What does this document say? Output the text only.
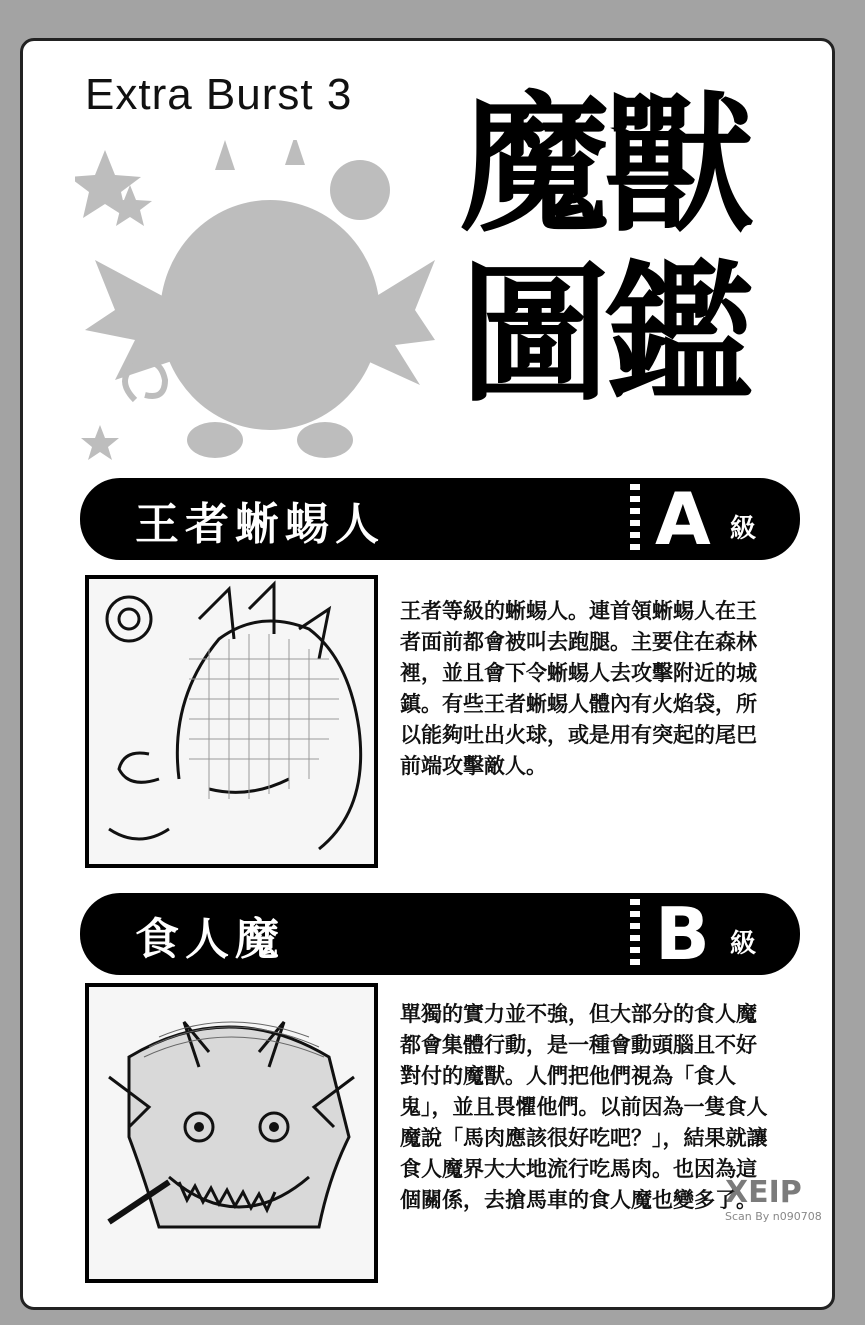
Extra Burst 3 魔獸圖鑑
王者蜥蜴人	A 級
王者等級的蜥蜴人。連首領蜥蜴人在王者面前都會被叫去跑腿。主要住在森林裡，並且會下令蜥蜴人去攻擊附近的城鎮。有些王者蜥蜴人體內有火焰袋，所以能夠吐出火球，或是用有突起的尾巴前端攻擊敵人。
食人魔	B 級
單獨的實力並不強，但大部分的食人魔都會集體行動，是一種會動頭腦且不好對付的魔獸。人們把他們視為「食人鬼」，並且畏懼他們。以前因為一隻食人魔說「馬肉應該很好吃吧？」，結果就讓食人魔界大大地流行吃馬肉。也因為這個關係，去搶馬車的食人魔也變多了。
XEIP
Scan By n090708
